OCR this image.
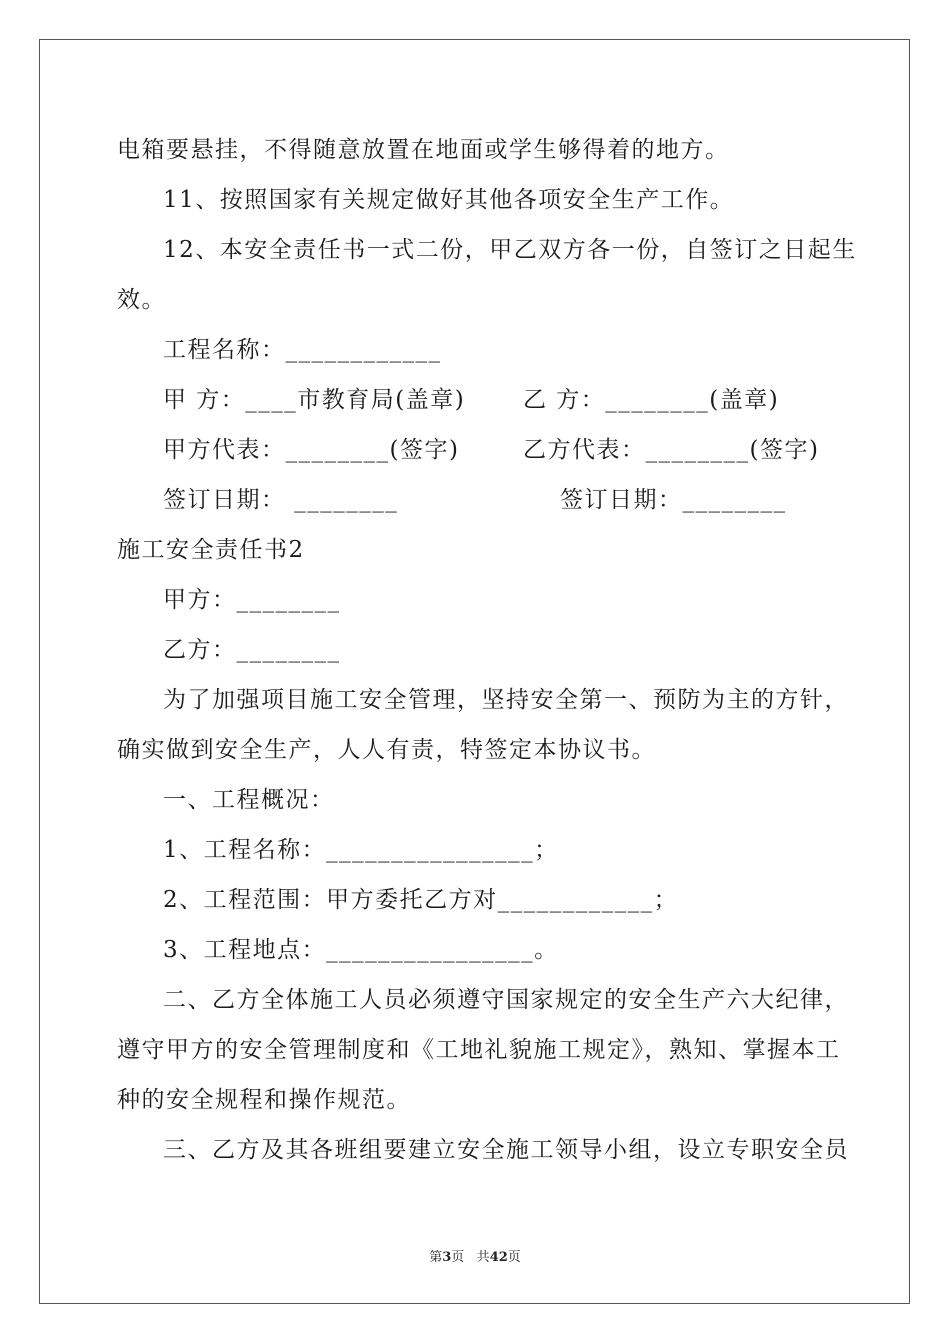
电箱要悬挂，不得随意放置在地面或学生够得着的地方。
11、按照国家有关规定做好其他各项安全生产工作。
12、本安全责任书一式二份，甲乙双方各一份，自签订之日起生
效。
工程名称：____________
甲 方：____市教育局(盖章)	乙 方：________(盖章)
甲方代表：________(签字)	乙方代表：________(签字)
签订日期： ________	签订日期：________
施工安全责任书2
甲方：________
乙方：________
为了加强项目施工安全管理，坚持安全第一、预防为主的方针，
确实做到安全生产，人人有责，特签定本协议书。
一、工程概况：
1、工程名称：________________；
2、工程范围：甲方委托乙方对____________；
3、工程地点：________________。
二、乙方全体施工人员必须遵守国家规定的安全生产六大纪律，
遵守甲方的安全管理制度和《工地礼貌施工规定》，熟知、掌握本工
种的安全规程和操作规范。
三、乙方及其各班组要建立安全施工领导小组，设立专职安全员
第3页 共42页
